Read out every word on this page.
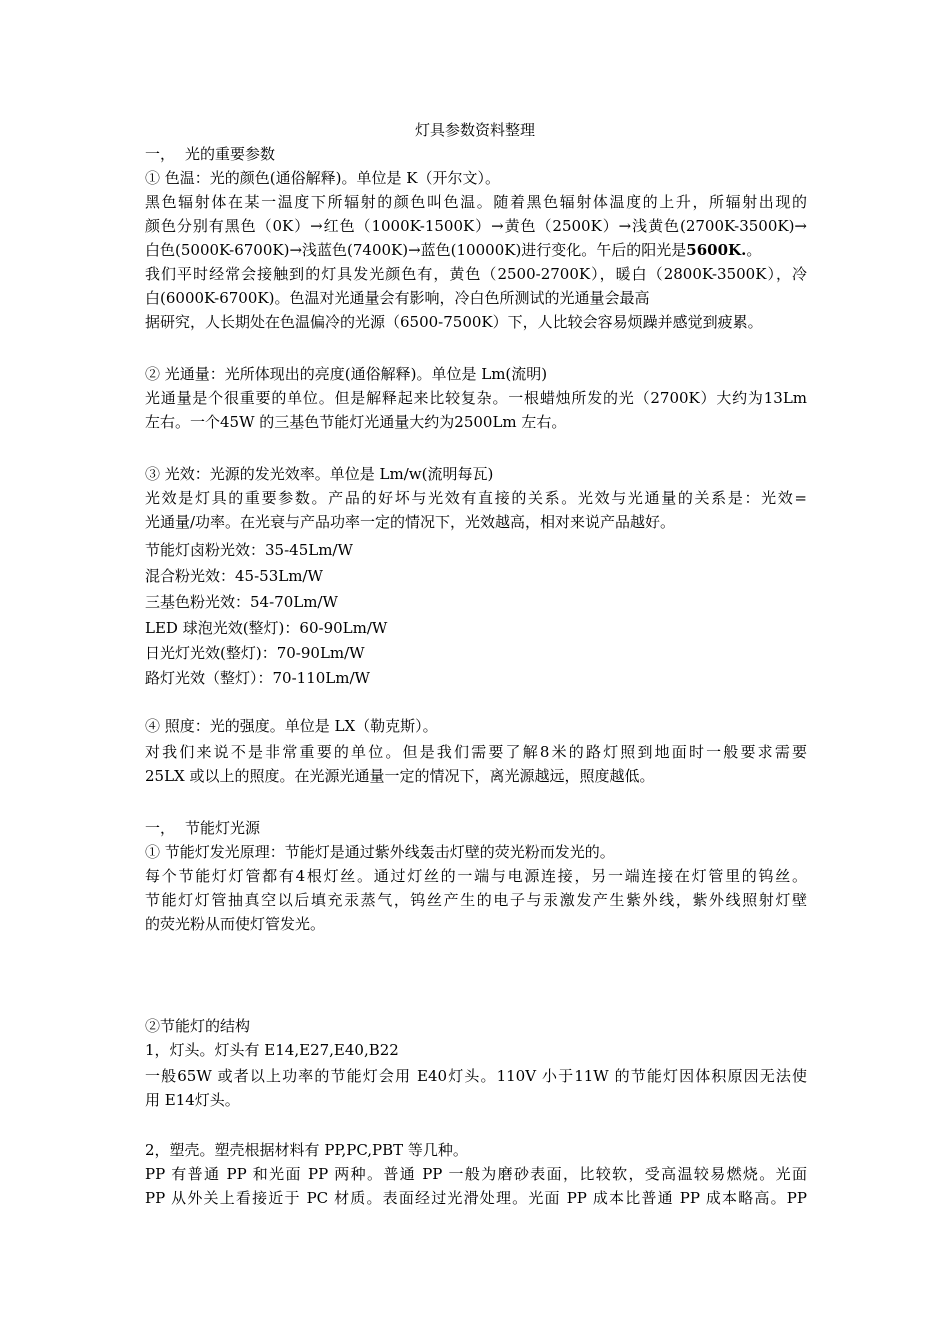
灯具参数资料整理
一， 光的重要参数
① 色温：光的颜色(通俗解释)。单位是 K（开尔文）。
黑色辐射体在某一温度下所辐射的颜色叫色温。随着黑色辐射体温度的上升，所辐射出现的
颜色分别有黑色（0K）→红色（1000K-1500K）→黄色（2500K）→浅黄色(2700K-3500K)→
白色(5000K-6700K)→浅蓝色(7400K)→蓝色(10000K)进行变化。午后的阳光是5600K.。
我们平时经常会接触到的灯具发光颜色有，黄色（2500-2700K），暖白（2800K-3500K），冷
白(6000K-6700K)。色温对光通量会有影响，冷白色所测试的光通量会最高
据研究，人长期处在色温偏冷的光源（6500-7500K）下，人比较会容易烦躁并感觉到疲累。
② 光通量：光所体现出的亮度(通俗解释)。单位是 Lm(流明)
光通量是个很重要的单位。但是解释起来比较复杂。一根蜡烛所发的光（2700K）大约为13Lm
左右。一个45W 的三基色节能灯光通量大约为2500Lm 左右。
③ 光效：光源的发光效率。单位是 Lm/w(流明每瓦)
光效是灯具的重要参数。产品的好坏与光效有直接的关系。光效与光通量的关系是：光效=
光通量/功率。在光衰与产品功率一定的情况下，光效越高，相对来说产品越好。
节能灯卤粉光效：35-45Lm/W
混合粉光效：45-53Lm/W
三基色粉光效：54-70Lm/W
LED 球泡光效(整灯)：60-90Lm/W
日光灯光效(整灯)：70-90Lm/W
路灯光效（整灯）：70-110Lm/W
④ 照度：光的强度。单位是 LX（勒克斯）。
对我们来说不是非常重要的单位。但是我们需要了解8米的路灯照到地面时一般要求需要
25LX 或以上的照度。在光源光通量一定的情况下，离光源越远，照度越低。
一， 节能灯光源
① 节能灯发光原理：节能灯是通过紫外线轰击灯壁的荧光粉而发光的。
每个节能灯灯管都有4根灯丝。通过灯丝的一端与电源连接，另一端连接在灯管里的钨丝。
节能灯灯管抽真空以后填充汞蒸气，钨丝产生的电子与汞激发产生紫外线，紫外线照射灯壁
的荧光粉从而使灯管发光。
②节能灯的结构
1，灯头。灯头有 E14,E27,E40,B22
一般65W 或者以上功率的节能灯会用 E40灯头。110V 小于11W 的节能灯因体积原因无法使
用 E14灯头。
2，塑壳。塑壳根据材料有 PP,PC,PBT 等几种。
PP 有普通 PP 和光面 PP 两种。普通 PP 一般为磨砂表面，比较软，受高温较易燃烧。光面
PP 从外关上看接近于 PC 材质。表面经过光滑处理。光面 PP 成本比普通 PP 成本略高。PP
